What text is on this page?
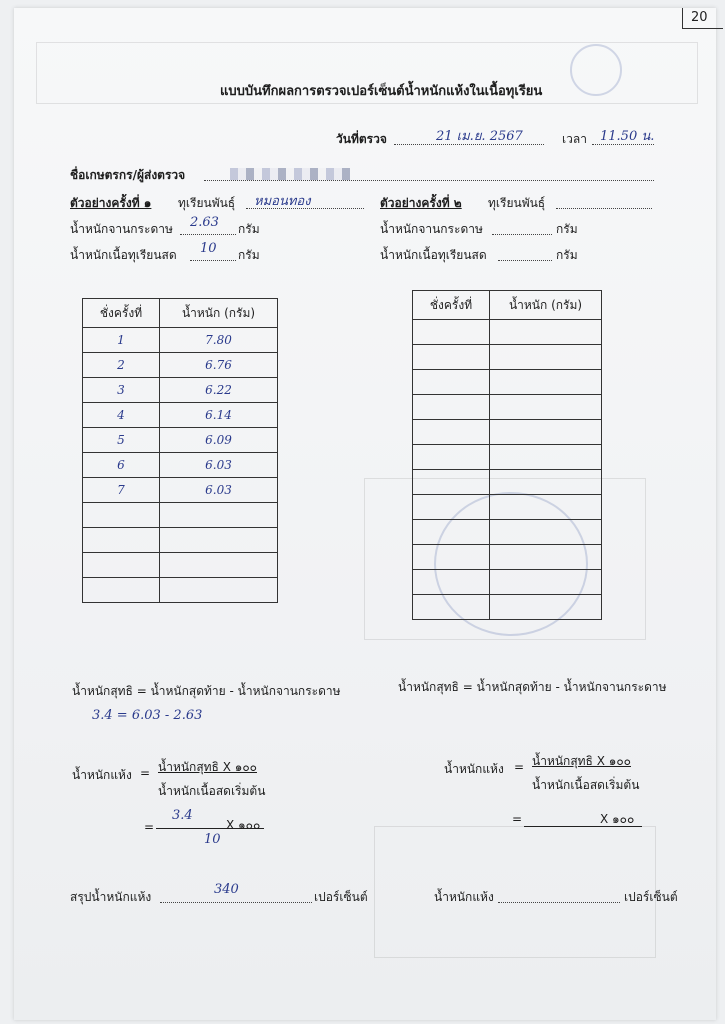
20
แบบบันทึกผลการตรวจเปอร์เซ็นต์น้ำหนักแห้งในเนื้อทุเรียน
วันที่ตรวจ	21 เม.ย. 2567	เวลา 11.50 น.
ชื่อเกษตรกร/ผู้ส่งตรวจ
ตัวอย่างครั้งที่ ๑ ทุเรียนพันธุ์ หมอนทอง
น้ำหนักจานกระดาษ 2.63 กรัม
น้ำหนักเนื้อทุเรียนสด 10 กรัม
ตัวอย่างครั้งที่ ๒ ทุเรียนพันธุ์
น้ำหนักจานกระดาษ	กรัม
น้ำหนักเนื้อทุเรียนสด	กรัม
ชั่งครั้งที่	น้ำหนัก (กรัม)
1	7.80
2	6.76
3	6.22
4	6.14
5	6.09
6	6.03
7	6.03

ชั่งครั้งที่	น้ำหนัก (กรัม)

น้ำหนักสุทธิ = น้ำหนักสุดท้าย - น้ำหนักจานกระดาษ	น้ำหนักสุทธิ = น้ำหนักสุดท้าย - น้ำหนักจานกระดาษ
3.4 = 6.03 - 2.63
น้ำหนักแห้ง = น้ำหนักสุทธิ X ๑๐๐
น้ำหนักเนื้อสดเริ่มต้น
=
3.4
X ๑๐๐
10
น้ำหนักแห้ง = น้ำหนักสุทธิ X ๑๐๐
น้ำหนักเนื้อสดเริ่มต้น
=	X ๑๐๐
สรุปน้ำหนักแห้ง	340	เปอร์เซ็นต์	น้ำหนักแห้ง	เปอร์เซ็นต์
